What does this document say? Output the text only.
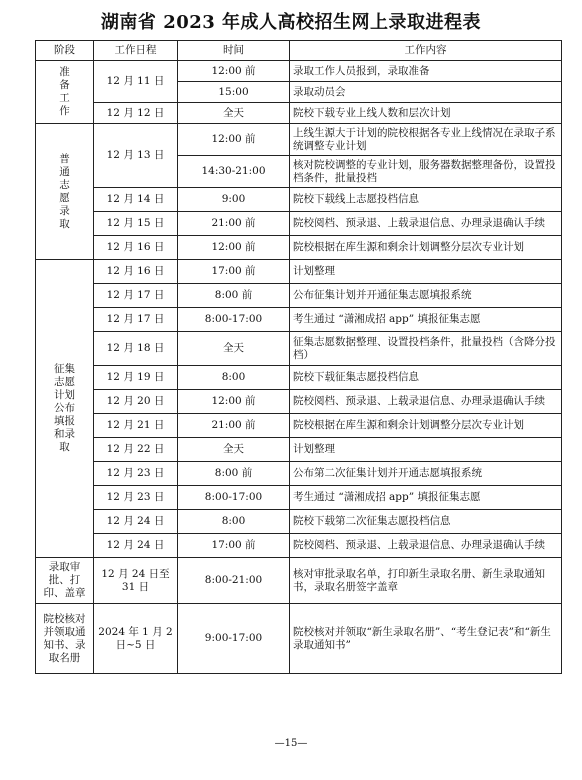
湖南省 2023 年成人高校招生网上录取进程表
阶段	工作日程	时间	工作内容

准备工作	12 月 11 日	12:00 前	录取工作人员报到，录取准备
		15:00	录取动员会
	12 月 12 日	全天	院校下载专业上线人数和层次计划

普通志愿录取	12 月 13 日	12:00 前	上线生源大于计划的院校根据各专业上线情况在录取子系统调整专业计划
		14:30-21:00	核对院校调整的专业计划，服务器数据整理备份，设置投档条件，批量投档
	12 月 14 日	9:00	院校下载线上志愿投档信息
	12 月 15 日	21:00 前	院校阅档、预录退、上载录退信息、办理录退确认手续
	12 月 16 日	12:00 前	院校根据在库生源和剩余计划调整分层次专业计划

征集志愿计划公布填报和录取	12 月 16 日	17:00 前	计划整理
	12 月 17 日	8:00 前	公布征集计划并开通征集志愿填报系统
	12 月 17 日	8:00-17:00	考生通过 “潇湘成招 app” 填报征集志愿
	12 月 18 日	全天	征集志愿数据整理、设置投档条件，批量投档（含降分投档）
	12 月 19 日	8:00	院校下载征集志愿投档信息
	12 月 20 日	12:00 前	院校阅档、预录退、上载录退信息、办理录退确认手续
	12 月 21 日	21:00 前	院校根据在库生源和剩余计划调整分层次专业计划
	12 月 22 日	全天	计划整理
	12 月 23 日	8:00 前	公布第二次征集计划并开通志愿填报系统
	12 月 23 日	8:00-17:00	考生通过 “潇湘成招 app” 填报征集志愿
	12 月 24 日	8:00	院校下载第二次征集志愿投档信息
	12 月 24 日	17:00 前	院校阅档、预录退、上载录退信息、办理录退确认手续
录取审批、打印、盖章	12 月 24 日至 31 日	8:00-21:00	核对审批录取名单，打印新生录取名册、新生录取通知书，录取名册签字盖章
院校核对并领取通知书、录取名册	2024 年 1 月 2 日~5 日	9:00-17:00	院校核对并领取“新生录取名册”、“考生登记表”和“新生录取通知书”
—15—
